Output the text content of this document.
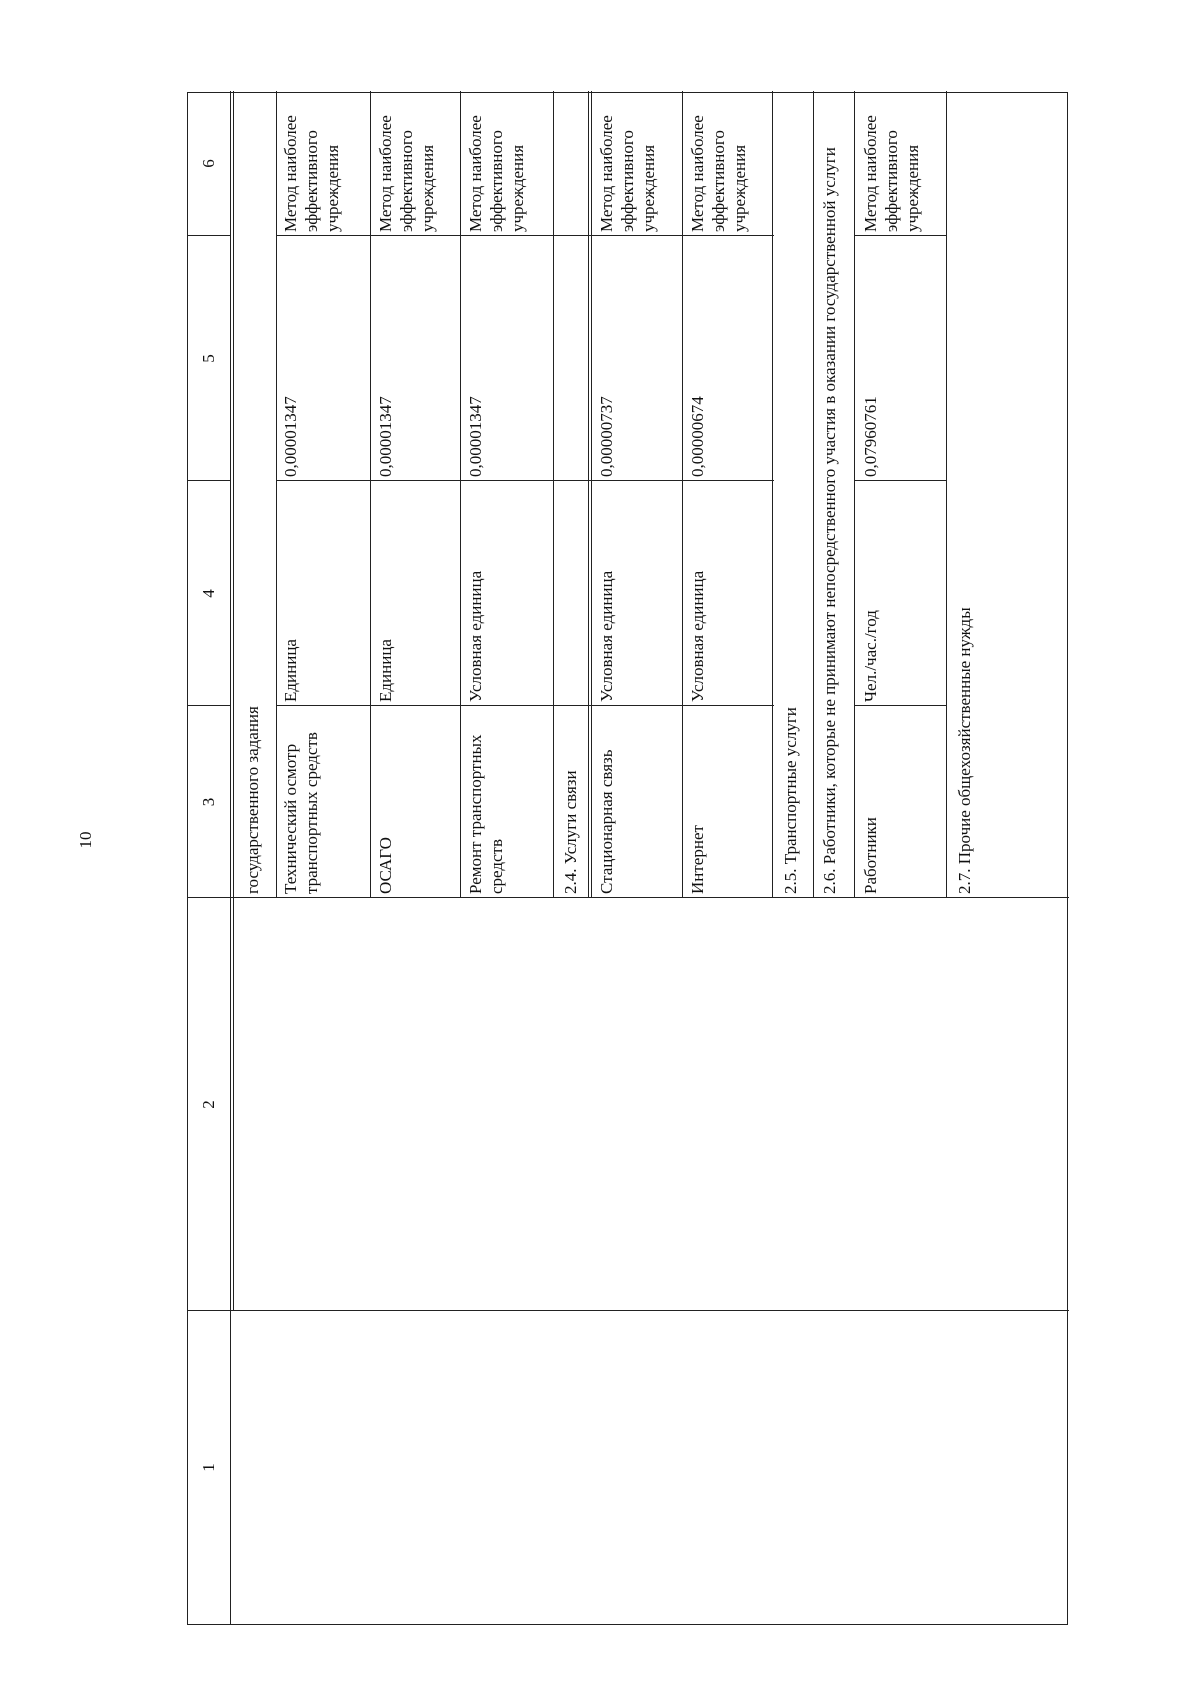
10
1
2
3
4
5
6
государственного задания Технический осмотр транспортных средств
Единица
0,00001347
Метод наиболее эффективного учреждения
ОСАГО
Единица
0,00001347
Метод наиболее эффективного учреждения
Ремонт транспортных средств
Условная единица
0,00001347
Метод наиболее эффективного учреждения
2.4. Услуги связи Стационарная связь
Условная единица
0,00000737
Метод наиболее эффективного учреждения
Интернет
Условная единица
0,00000674
Метод наиболее эффективного учреждения
2.5. Транспортные услуги 2.6. Работники, которые не принимают непосредственного участия в оказании государственной услуги Работники
Чел./час./год
0,07960761
Метод наиболее эффективного учреждения
2.7. Прочие общехозяйственные нужды
